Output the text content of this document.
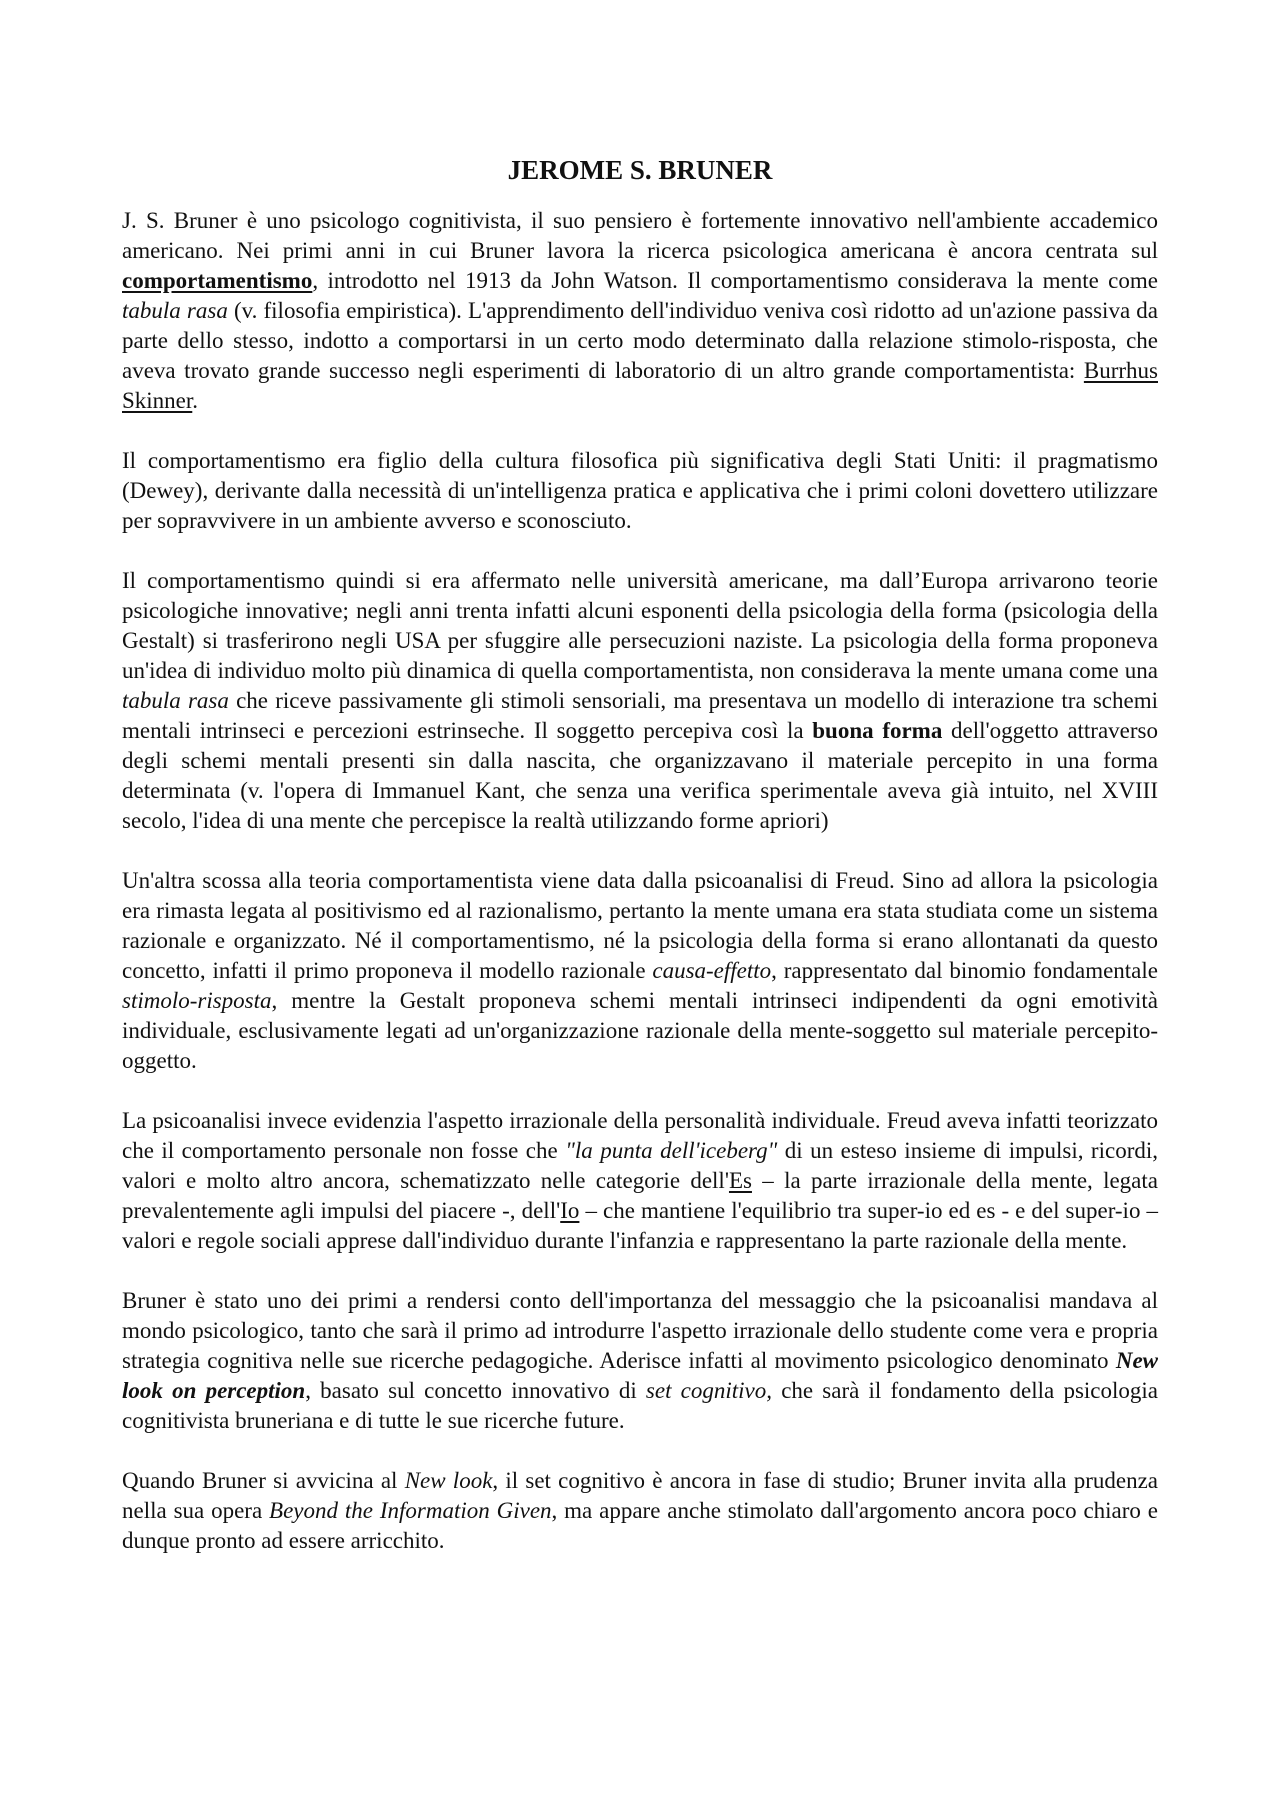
JEROME S. BRUNER

J. S. Bruner è uno psicologo cognitivista, il suo pensiero è fortemente innovativo nell'ambiente accademico americano. Nei primi anni in cui Bruner lavora la ricerca psicologica americana è ancora centrata sul comportamentismo, introdotto nel 1913 da John Watson. Il comportamentismo considerava la mente come tabula rasa (v. filosofia empiristica). L'apprendimento dell'individuo veniva così ridotto ad un'azione passiva da parte dello stesso, indotto a comportarsi in un certo modo determinato dalla relazione stimolo-risposta, che aveva trovato grande successo negli esperimenti di laboratorio di un altro grande comportamentista: Burrhus Skinner.

Il comportamentismo era figlio della cultura filosofica più significativa degli Stati Uniti: il pragmatismo (Dewey), derivante dalla necessità di un'intelligenza pratica e applicativa che i primi coloni dovettero utilizzare per sopravvivere in un ambiente avverso e sconosciuto.

Il comportamentismo quindi si era affermato nelle università americane, ma dall’Europa arrivarono teorie psicologiche innovative; negli anni trenta infatti alcuni esponenti della psicologia della forma (psicologia della Gestalt) si trasferirono negli USA per sfuggire alle persecuzioni naziste. La psicologia della forma proponeva un'idea di individuo molto più dinamica di quella comportamentista, non considerava la mente umana come una tabula rasa che riceve passivamente gli stimoli sensoriali, ma presentava un modello di interazione tra schemi mentali intrinseci e percezioni estrinseche. Il soggetto percepiva così la buona forma dell'oggetto attraverso degli schemi mentali presenti sin dalla nascita, che organizzavano il materiale percepito in una forma determinata (v. l'opera di Immanuel Kant, che senza una verifica sperimentale aveva già intuito, nel XVIII secolo, l'idea di una mente che percepisce la realtà utilizzando forme apriori)

Un'altra scossa alla teoria comportamentista viene data dalla psicoanalisi di Freud. Sino ad allora la psicologia era rimasta legata al positivismo ed al razionalismo, pertanto la mente umana era stata studiata come un sistema razionale e organizzato. Né il comportamentismo, né la psicologia della forma si erano allontanati da questo concetto, infatti il primo proponeva il modello razionale causa-effetto, rappresentato dal binomio fondamentale stimolo-risposta, mentre la Gestalt proponeva schemi mentali intrinseci indipendenti da ogni emotività individuale, esclusivamente legati ad un'organizzazione razionale della mente-soggetto sul materiale percepito-oggetto.

La psicoanalisi invece evidenzia l'aspetto irrazionale della personalità individuale. Freud aveva infatti teorizzato che il comportamento personale non fosse che "la punta dell'iceberg" di un esteso insieme di impulsi, ricordi, valori e molto altro ancora, schematizzato nelle categorie dell'Es – la parte irrazionale della mente, legata prevalentemente agli impulsi del piacere -, dell'Io – che mantiene l'equilibrio tra super-io ed es - e del super-io – valori e regole sociali apprese dall'individuo durante l'infanzia e rappresentano la parte razionale della mente.

Bruner è stato uno dei primi a rendersi conto dell'importanza del messaggio che la psicoanalisi mandava al mondo psicologico, tanto che sarà il primo ad introdurre l'aspetto irrazionale dello studente come vera e propria strategia cognitiva nelle sue ricerche pedagogiche. Aderisce infatti al movimento psicologico denominato New look on perception, basato sul concetto innovativo di set cognitivo, che sarà il fondamento della psicologia cognitivista bruneriana e di tutte le sue ricerche future.

Quando Bruner si avvicina al New look, il set cognitivo è ancora in fase di studio; Bruner invita alla prudenza nella sua opera Beyond the Information Given, ma appare anche stimolato dall'argomento ancora poco chiaro e dunque pronto ad essere arricchito.
